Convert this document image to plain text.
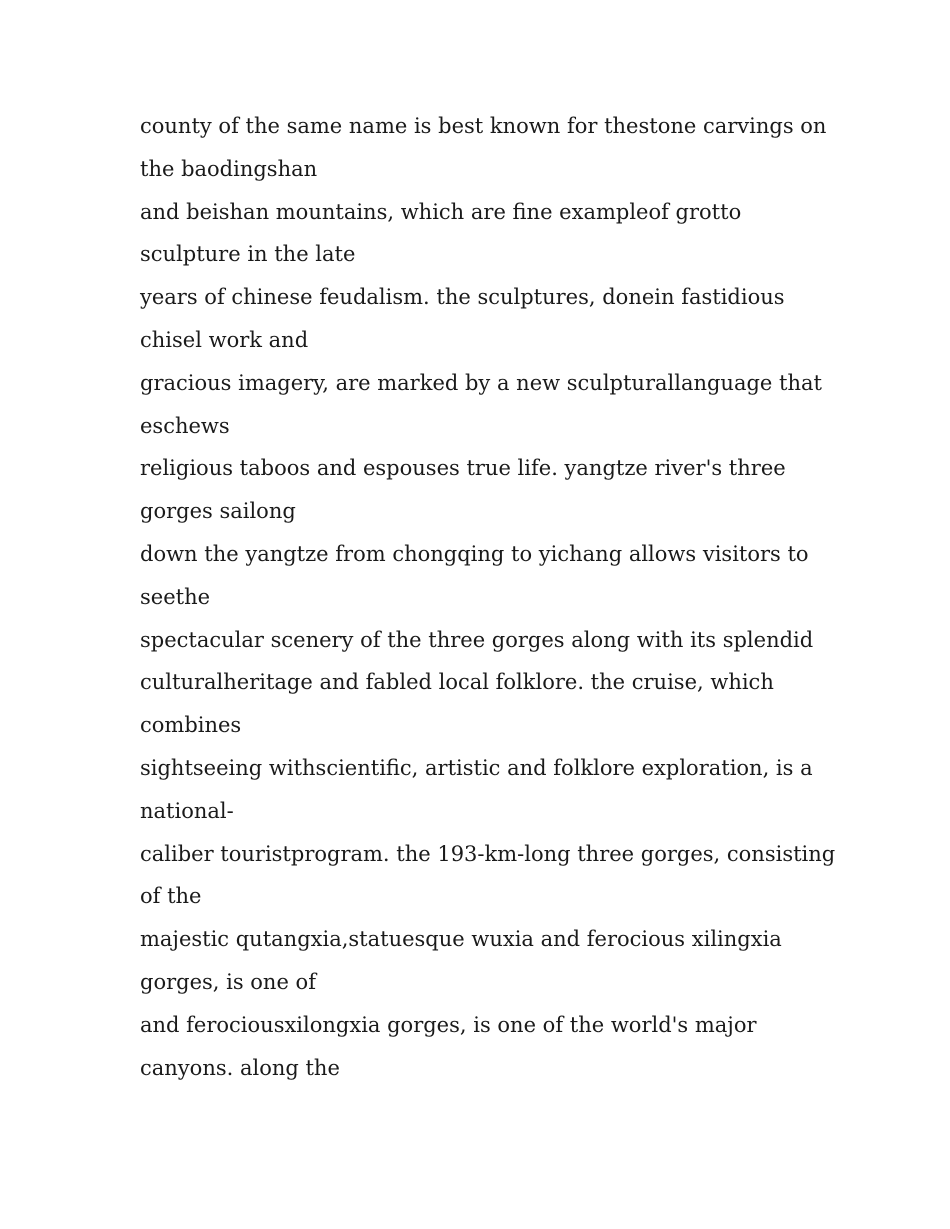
county of the same name is best known for thestone carvings on
the baodingshan
and beishan mountains, which are fine exampleof grotto
sculpture in the late
years of chinese feudalism. the sculptures, donein fastidious
chisel work and
gracious imagery, are marked by a new sculpturallanguage that
eschews
religious taboos and espouses true life. yangtze river's three
gorges sailong
down the yangtze from chongqing to yichang allows visitors to
seethe
spectacular scenery of the three gorges along with its splendid
culturalheritage and fabled local folklore. the cruise, which
combines
sightseeing withscientific, artistic and folklore exploration, is a
national-
caliber touristprogram. the 193-km-long three gorges, consisting
of the
majestic qutangxia,statuesque wuxia and ferocious xilingxia
gorges, is one of
and ferociousxilongxia gorges, is one of the world's major
canyons. along the
